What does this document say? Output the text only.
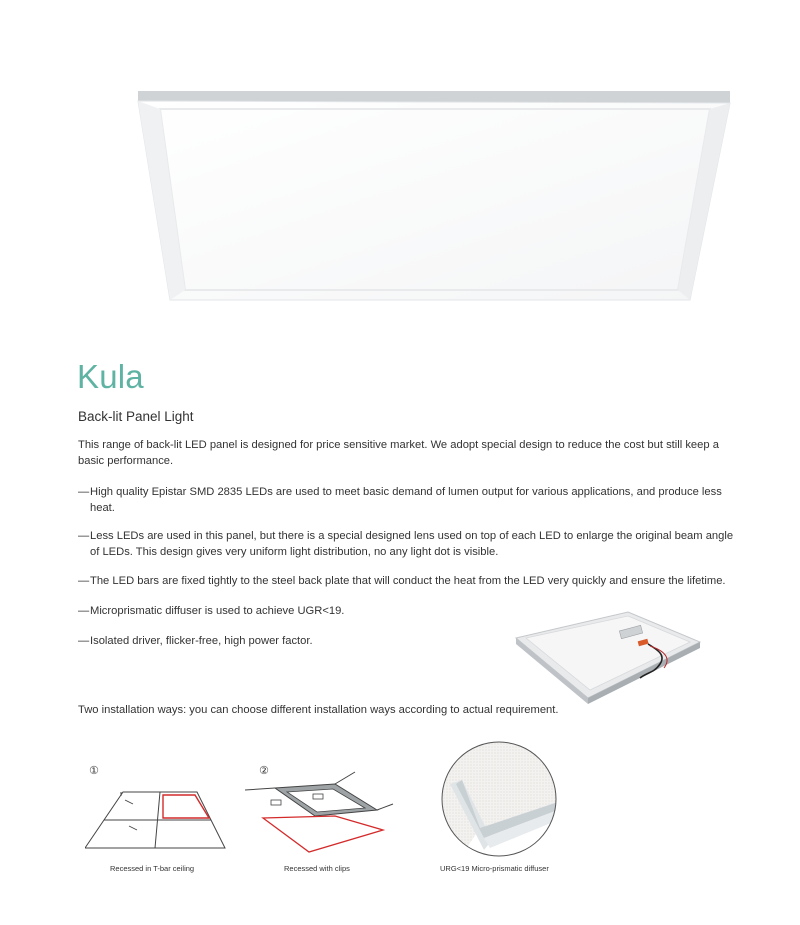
Kula
Back-lit Panel Light

This range of back-lit LED panel is designed for price sensitive market. We adopt special design to reduce the cost but still keep a basic performance.

—High quality Epistar SMD 2835 LEDs are used to meet basic demand of lumen output for various applications, and produce less heat.
—Less LEDs are used in this panel, but there is a special designed lens used on top of each LED to enlarge the original beam angle of LEDs. This design gives very uniform light distribution, no any light dot is visible.
—The LED bars are fixed tightly to the steel back plate that will conduct the heat from the LED very quickly and ensure the lifetime.
—Microprismatic diffuser is used to achieve UGR<19.
—Isolated driver, flicker-free, high power factor.
Two installation ways: you can choose different installation ways according to actual requirement.
①	②
Recessed in T-bar ceiling	Recessed with clips	URG<19 Micro-prismatic diffuser
